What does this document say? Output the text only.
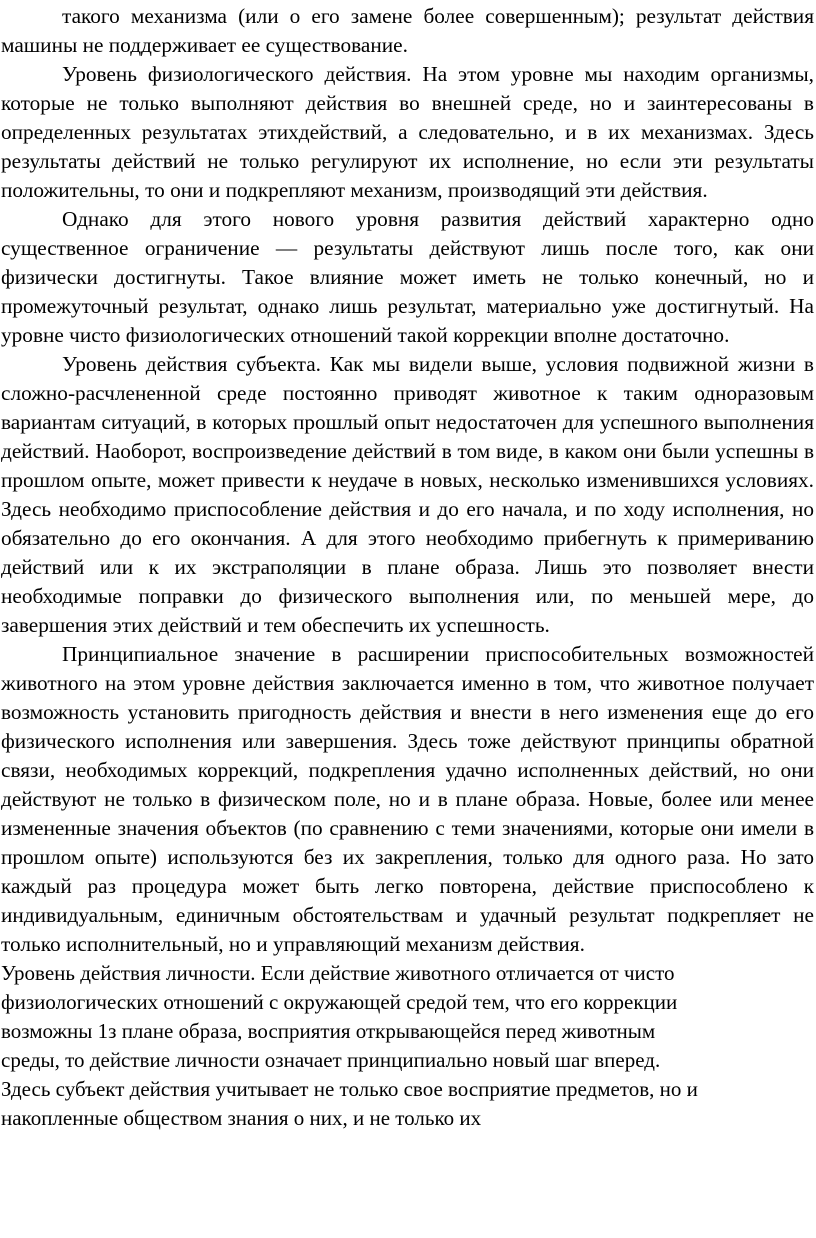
такого механизма (или о его замене более совершенным); результат действия машины не поддерживает ее существование.

Уровень физиологического действия. На этом уровне мы находим организмы, которые не только выполняют действия во внешней среде, но и заинтересованы в определенных результатах этихдействий, а следовательно, и в их механизмах. Здесь результаты действий не только регулируют их исполнение, но если эти результаты положительны, то они и подкрепляют механизм, производящий эти действия.

Однако для этого нового уровня развития действий характерно одно существенное ограничение — результаты действуют лишь после того, как они физически достигнуты. Такое влияние может иметь не только конечный, но и промежуточный результат, однако лишь результат, материально уже достигнутый. На уровне чисто физиологических отношений такой коррекции вполне достаточно.

Уровень действия субъекта. Как мы видели выше, условия подвижной жизни в сложно-расчлененной среде постоянно приводят животное к таким одноразовым вариантам ситуаций, в которых прошлый опыт недостаточен для успешного выполнения действий. Наоборот, воспроизведение действий в том виде, в каком они были успешны в прошлом опыте, может привести к неудаче в новых, несколько изменившихся условиях. Здесь необходимо приспособление действия и до его начала, и по ходу исполнения, но обязательно до его окончания. А для этого необходимо прибегнуть к примериванию действий или к их экстраполяции в плане образа. Лишь это позволяет внести необходимые поправки до физического выполнения или, по меньшей мере, до завершения этих действий и тем обеспечить их успешность.

Принципиальное значение в расширении приспособительных возможностей животного на этом уровне действия заключается именно в том, что животное получает возможность установить пригодность действия и внести в него изменения еще до его физического исполнения или завершения. Здесь тоже действуют принципы обратной связи, необходимых коррекций, подкрепления удачно исполненных действий, но они действуют не только в физическом поле, но и в плане образа. Новые, более или менее измененные значения объектов (по сравнению с теми значениями, которые они имели в прошлом опыте) используются без их закрепления, только для одного раза. Но зато каждый раз процедура может быть легко повторена, действие приспособлено к индивидуальным, единичным обстоятельствам и удачный результат подкрепляет не только исполнительный, но и управляющий механизм действия.

Уровень действия личности. Если действие животного отличается от чисто

физиологических отношений с окружающей средой тем, что его коррекции

возможны 1з плане образа, восприятия открывающейся перед животным

среды, то действие личности означает принципиально новый шаг вперед.

Здесь субъект действия учитывает не только свое восприятие предметов, но и

накопленные обществом знания о них, и не только их
